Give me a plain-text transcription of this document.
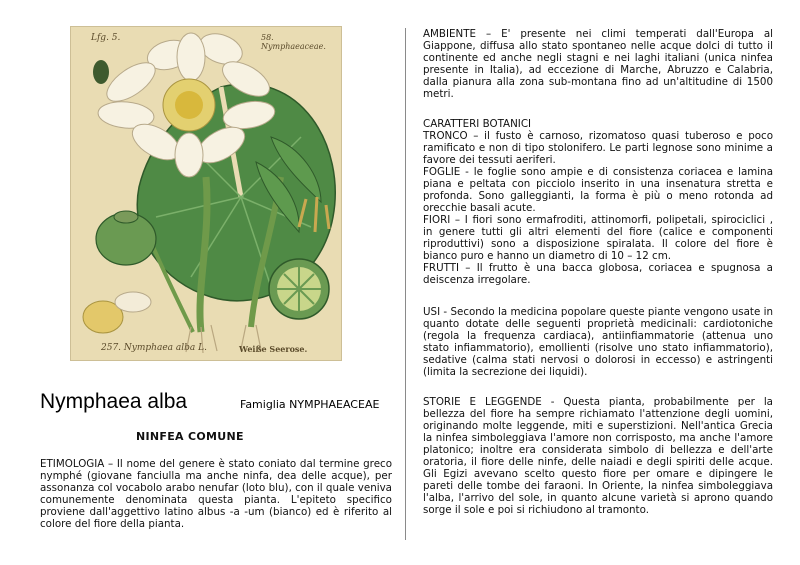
Lfg. 5.	58. Nymphaeaceae.
257. Nymphaea alba L.	Weiße Seerose.
Nymphaea alba	Famiglia NYMPHAEACEAE
NINFEA COMUNE
ETIMOLOGIA – Il nome del genere è stato coniato dal termine greco nymphé (giovane fanciulla ma anche ninfa, dea delle acque), per assonanza col vocabolo arabo nenufar (loto blu), con il quale veniva comunemente denominata questa pianta. L'epiteto specifico proviene dall'aggettivo latino albus -a -um (bianco) ed è riferito al colore del fiore della pianta.
AMBIENTE – E' presente nei climi temperati dall'Europa al Giappone, diffusa allo stato spontaneo nelle acque dolci di tutto il continente ed anche negli stagni e nei laghi italiani (unica ninfea presente in Italia), ad eccezione di Marche, Abruzzo e Calabria, dalla pianura alla zona sub-montana fino ad un'altitudine di 1500 metri.

CARATTERI BOTANICI

TRONCO – il fusto è carnoso, rizomatoso quasi tuberoso e poco ramificato e non di tipo stolonifero. Le parti legnose sono minime a favore dei tessuti aeriferi.

FOGLIE - le foglie sono ampie e di consistenza coriacea e lamina piana e peltata con picciolo inserito in una insenatura stretta e profonda. Sono galleggianti, la forma è più o meno rotonda ad orecchie basali acute.

FIORI – I fiori sono ermafroditi, attinomorfi, polipetali, spirociclici , in genere tutti gli altri elementi del fiore (calice e componenti riproduttivi) sono a disposizione spiralata. Il colore del fiore è bianco puro e hanno un diametro di 10 – 12 cm.

FRUTTI – Il frutto è una bacca globosa, coriacea e spugnosa a deiscenza irregolare.

USI - Secondo la medicina popolare queste piante vengono usate in quanto dotate delle seguenti proprietà medicinali: cardiotoniche (regola la frequenza cardiaca), antiinfiammatorie (attenua uno stato infiammatorio), emollienti (risolve uno stato infiammatorio), sedative (calma stati nervosi o dolorosi in eccesso) e astringenti (limita la secrezione dei liquidi).
STORIE E LEGGENDE - Questa pianta, probabilmente per la bellezza del fiore ha sempre richiamato l'attenzione degli uomini, originando molte leggende, miti e superstizioni. Nell'antica Grecia la ninfea simboleggiava l'amore non corrisposto, ma anche l'amore platonico; inoltre era considerata simbolo di bellezza e dell'arte oratoria, il fiore delle ninfe, delle naiadi e degli spiriti delle acque. Gli Egizi avevano scelto questo fiore per omare e dipingere le pareti delle tombe dei faraoni. In Oriente, la ninfea simboleggiava l'alba, l'arrivo del sole, in quanto alcune varietà si aprono quando sorge il sole e poi si richiudono al tramonto.
